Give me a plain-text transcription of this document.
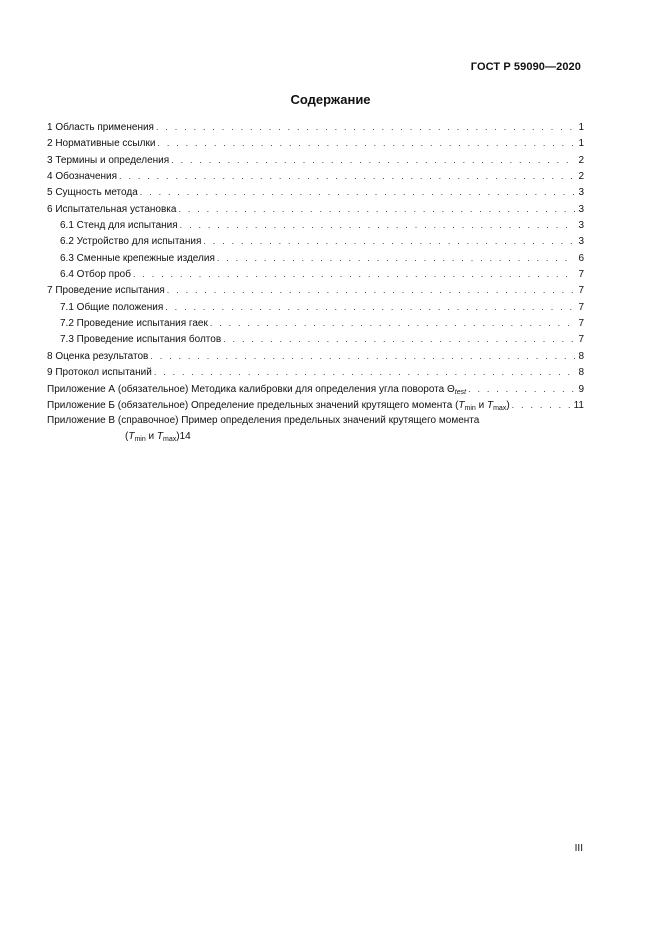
ГОСТ Р 59090—2020
Содержание
1 Область применения . . .	1
2 Нормативные ссылки . . .	1
3 Термины и определения . . .	2
4 Обозначения . . .	2
5 Сущность метода . . .	3
6 Испытательная установка . . .	3
6.1 Стенд для испытания . . .	3
6.2 Устройство для испытания . . .	3
6.3 Сменные крепежные изделия . . .	6
6.4 Отбор проб . . .	7
7 Проведение испытания . . .	7
7.1 Общие положения . . .	7
7.2 Проведение испытания гаек . . .	7
7.3 Проведение испытания болтов . . .	7
8 Оценка результатов . . .	8
9 Протокол испытаний . . .	8
Приложение А (обязательное) Методика калибровки для определения угла поворота $\Theta_{test}$ . . .	9
Приложение Б (обязательное) Определение предельных значений крутящего момента ($T_{min}$ и $T_{max}$) . . .	11
Приложение В (справочное) Пример определения предельных значений крутящего момента
($T_{min}$ и $T_{max}$) 14
III
